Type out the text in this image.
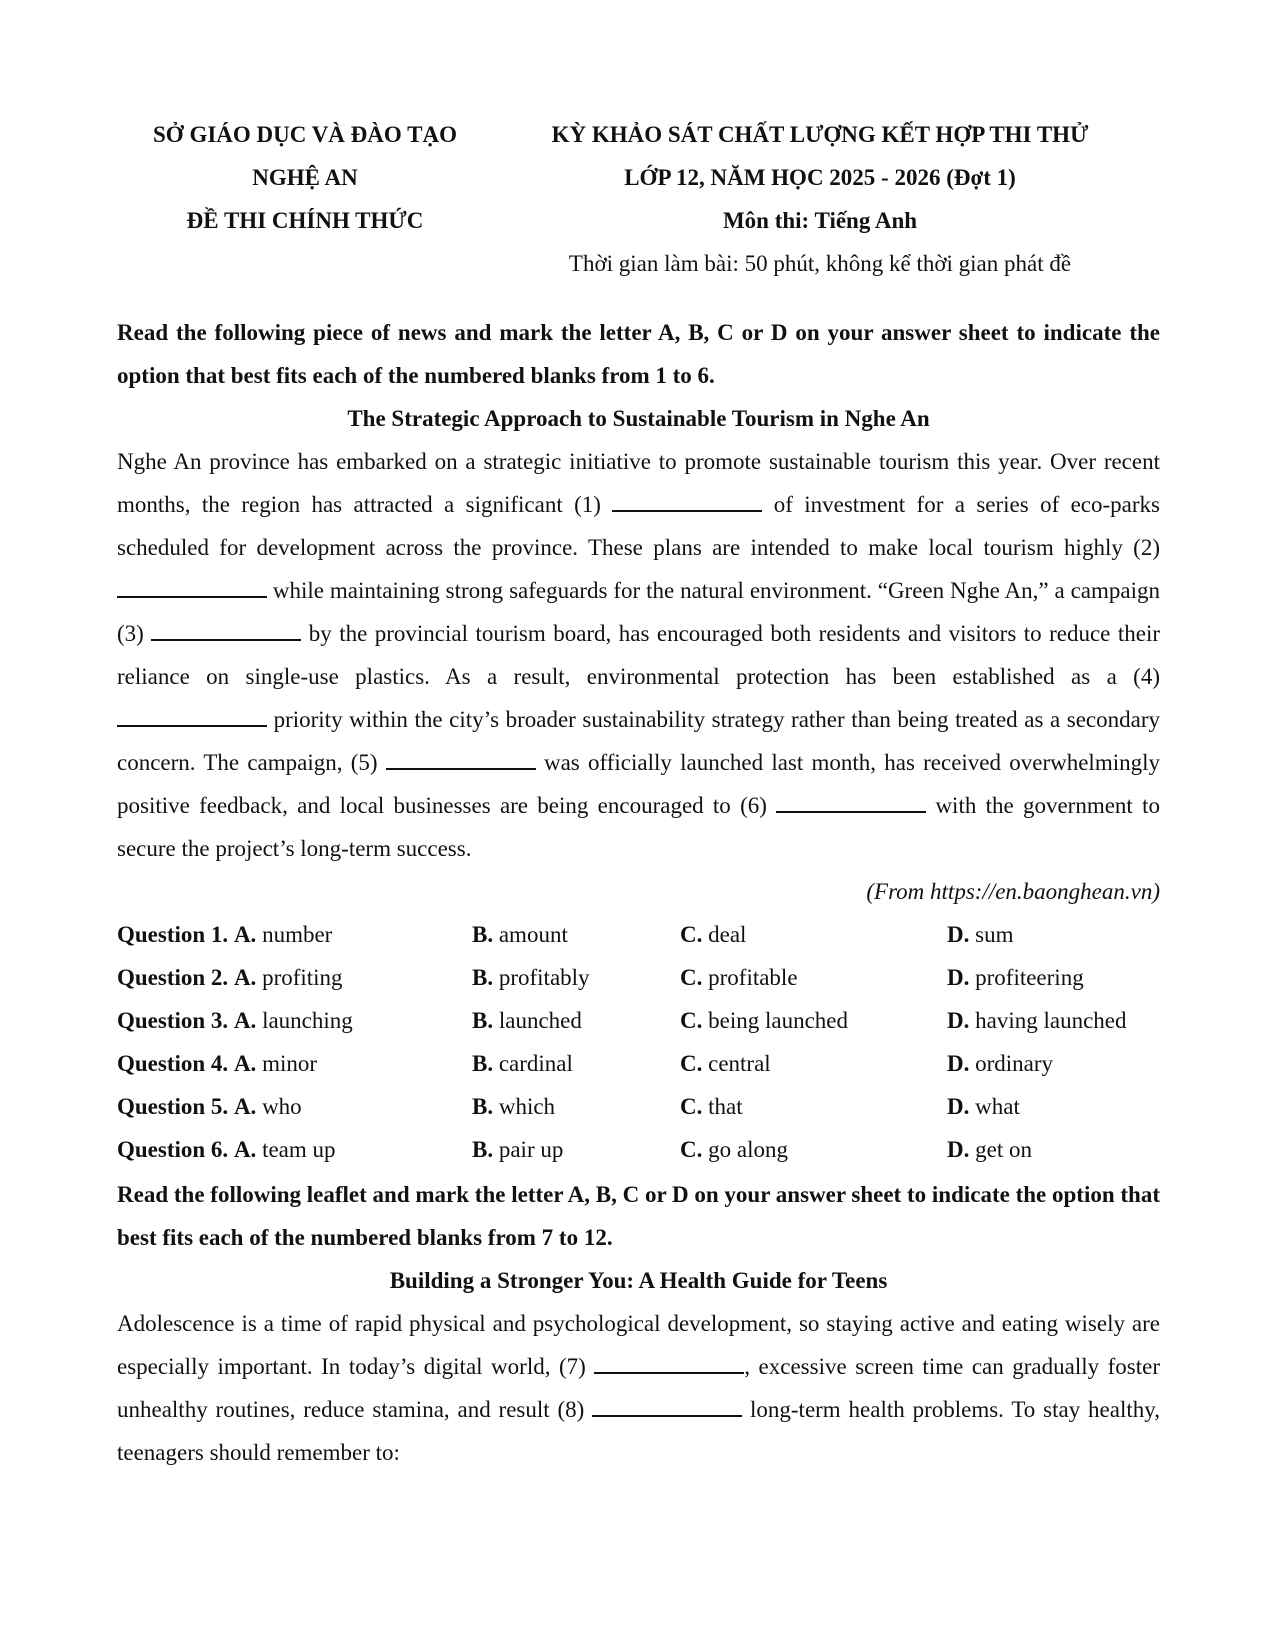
SỞ GIÁO DỤC VÀ ĐÀO TẠO
NGHỆ AN
ĐỀ THI CHÍNH THỨC
KỲ KHẢO SÁT CHẤT LƯỢNG KẾT HỢP THI THỬ
LỚP 12, NĂM HỌC 2025 - 2026 (Đợt 1)
Môn thi: Tiếng Anh
Thời gian làm bài: 50 phút, không kể thời gian phát đề
Read the following piece of news and mark the letter A, B, C or D on your answer sheet to indicate the option that best fits each of the numbered blanks from 1 to 6.
The Strategic Approach to Sustainable Tourism in Nghe An
Nghe An province has embarked on a strategic initiative to promote sustainable tourism this year. Over recent months, the region has attracted a significant (1)	of investment for a series of eco-parks scheduled for development across the province. These plans are intended to make local tourism highly (2)  while maintaining strong safeguards for the natural environment. “Green Nghe An,” a campaign (3)	by the provincial tourism board, has encouraged both residents and visitors to reduce their reliance on single-use plastics. As a result, environmental protection has been established as a (4)  priority within the city’s broader sustainability strategy rather than being treated as a secondary concern. The campaign, (5)	was officially launched last month, has received overwhelmingly positive feedback, and local businesses are being encouraged to (6)	with the government to secure the project’s long-term success.
(From https://en.baonghean.vn)
Question 1. A. number	B. amount	C. deal	D. sum
Question 2. A. profiting	B. profitably	C. profitable	D. profiteering
Question 3. A. launching	B. launched	C. being launched	D. having launched
Question 4. A. minor	B. cardinal	C. central	D. ordinary
Question 5. A. who	B. which	C. that	D. what
Question 6. A. team up	B. pair up	C. go along	D. get on
Read the following leaflet and mark the letter A, B, C or D on your answer sheet to indicate the option that best fits each of the numbered blanks from 7 to 12.
Building a Stronger You: A Health Guide for Teens
Adolescence is a time of rapid physical and psychological development, so staying active and eating wisely are especially important. In today’s digital world, (7)	, excessive screen time can gradually foster unhealthy routines, reduce stamina, and result (8)	long-term health problems. To stay healthy, teenagers should remember to:
